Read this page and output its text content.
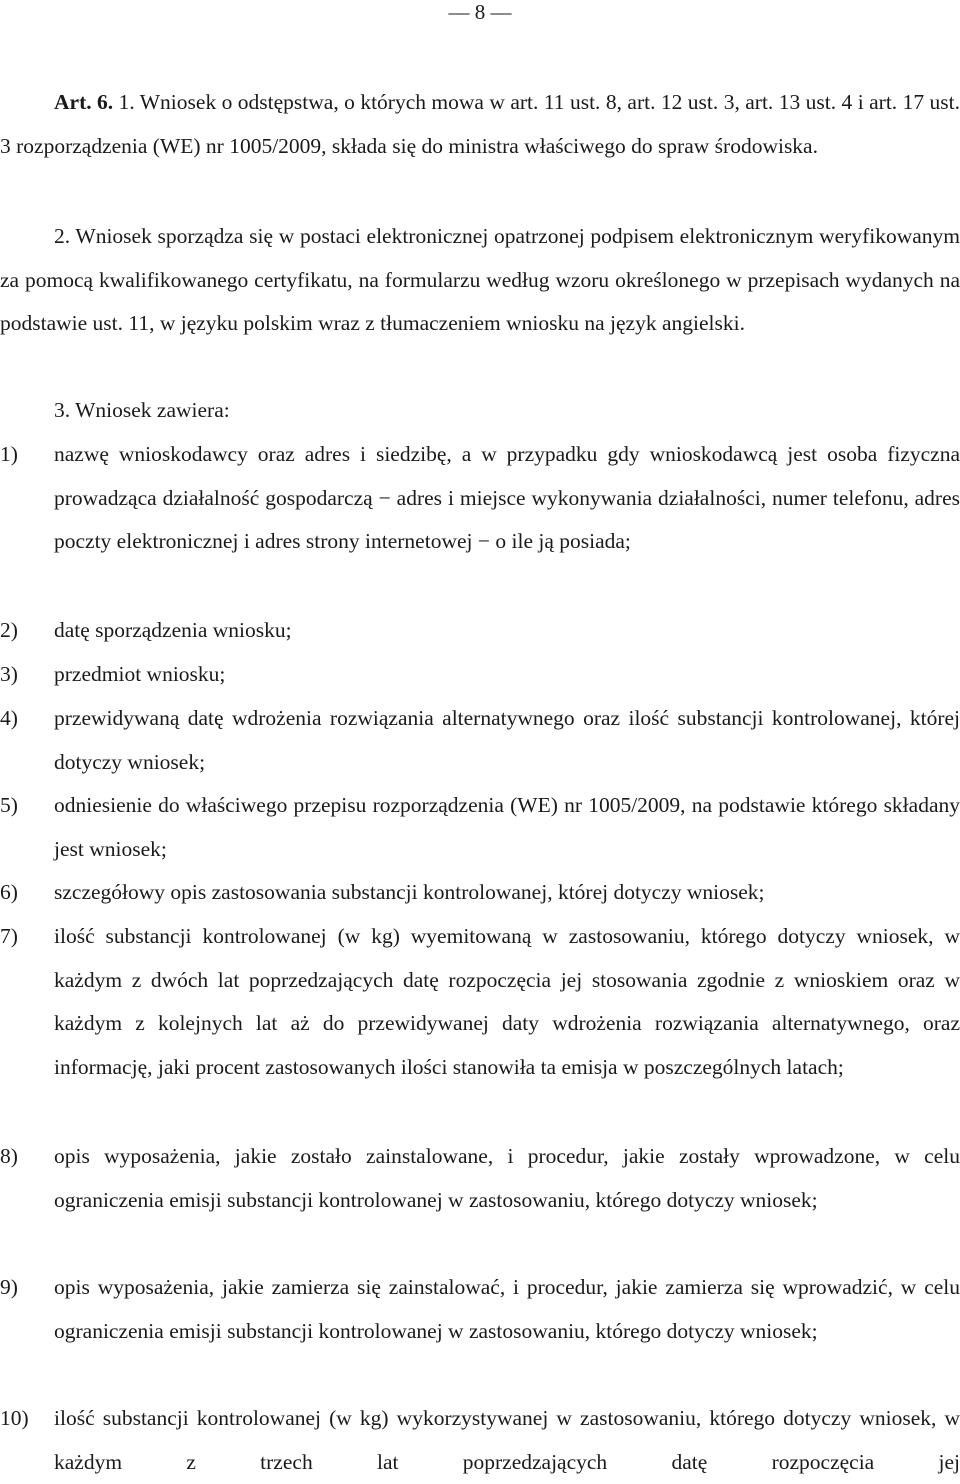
— 8 —

Art. 6. 1. Wniosek o odstępstwa, o których mowa w art. 11 ust. 8, art. 12 ust. 3, art. 13 ust. 4 i art. 17 ust. 3 rozporządzenia (WE) nr 1005/2009, składa się do ministra właściwego do spraw środowiska.

2. Wniosek sporządza się w postaci elektronicznej opatrzonej podpisem elektronicznym weryfikowanym za pomocą kwalifikowanego certyfikatu, na formularzu według wzoru określonego w przepisach wydanych na podstawie ust. 11, w języku polskim wraz z tłumaczeniem wniosku na język angielski.

3. Wniosek zawiera:

1) nazwę wnioskodawcy oraz adres i siedzibę, a w przypadku gdy wnioskodawcą jest osoba fizyczna prowadząca działalność gospodarczą − adres i miejsce wykonywania działalności, numer telefonu, adres poczty elektronicznej i adres strony internetowej − o ile ją posiada;
2) datę sporządzenia wniosku;
3) przedmiot wniosku;
4) przewidywaną datę wdrożenia rozwiązania alternatywnego oraz ilość substancji kontrolowanej, której dotyczy wniosek;
5) odniesienie do właściwego przepisu rozporządzenia (WE) nr 1005/2009, na podstawie którego składany jest wniosek;
6) szczegółowy opis zastosowania substancji kontrolowanej, której dotyczy wniosek;
7) ilość substancji kontrolowanej (w kg) wyemitowaną w zastosowaniu, którego dotyczy wniosek, w każdym z dwóch lat poprzedzających datę rozpoczęcia jej stosowania zgodnie z wnioskiem oraz w każdym z kolejnych lat aż do przewidywanej daty wdrożenia rozwiązania alternatywnego, oraz informację, jaki procent zastosowanych ilości stanowiła ta emisja w poszczególnych latach;
8) opis wyposażenia, jakie zostało zainstalowane, i procedur, jakie zostały wprowadzone, w celu ograniczenia emisji substancji kontrolowanej w zastosowaniu, którego dotyczy wniosek;
9) opis wyposażenia, jakie zamierza się zainstalować, i procedur, jakie zamierza się wprowadzić, w celu ograniczenia emisji substancji kontrolowanej w zastosowaniu, którego dotyczy wniosek;
10) ilość substancji kontrolowanej (w kg) wykorzystywanej w zastosowaniu, którego dotyczy wniosek, w każdym z trzech lat poprzedzających datę rozpoczęcia jej
